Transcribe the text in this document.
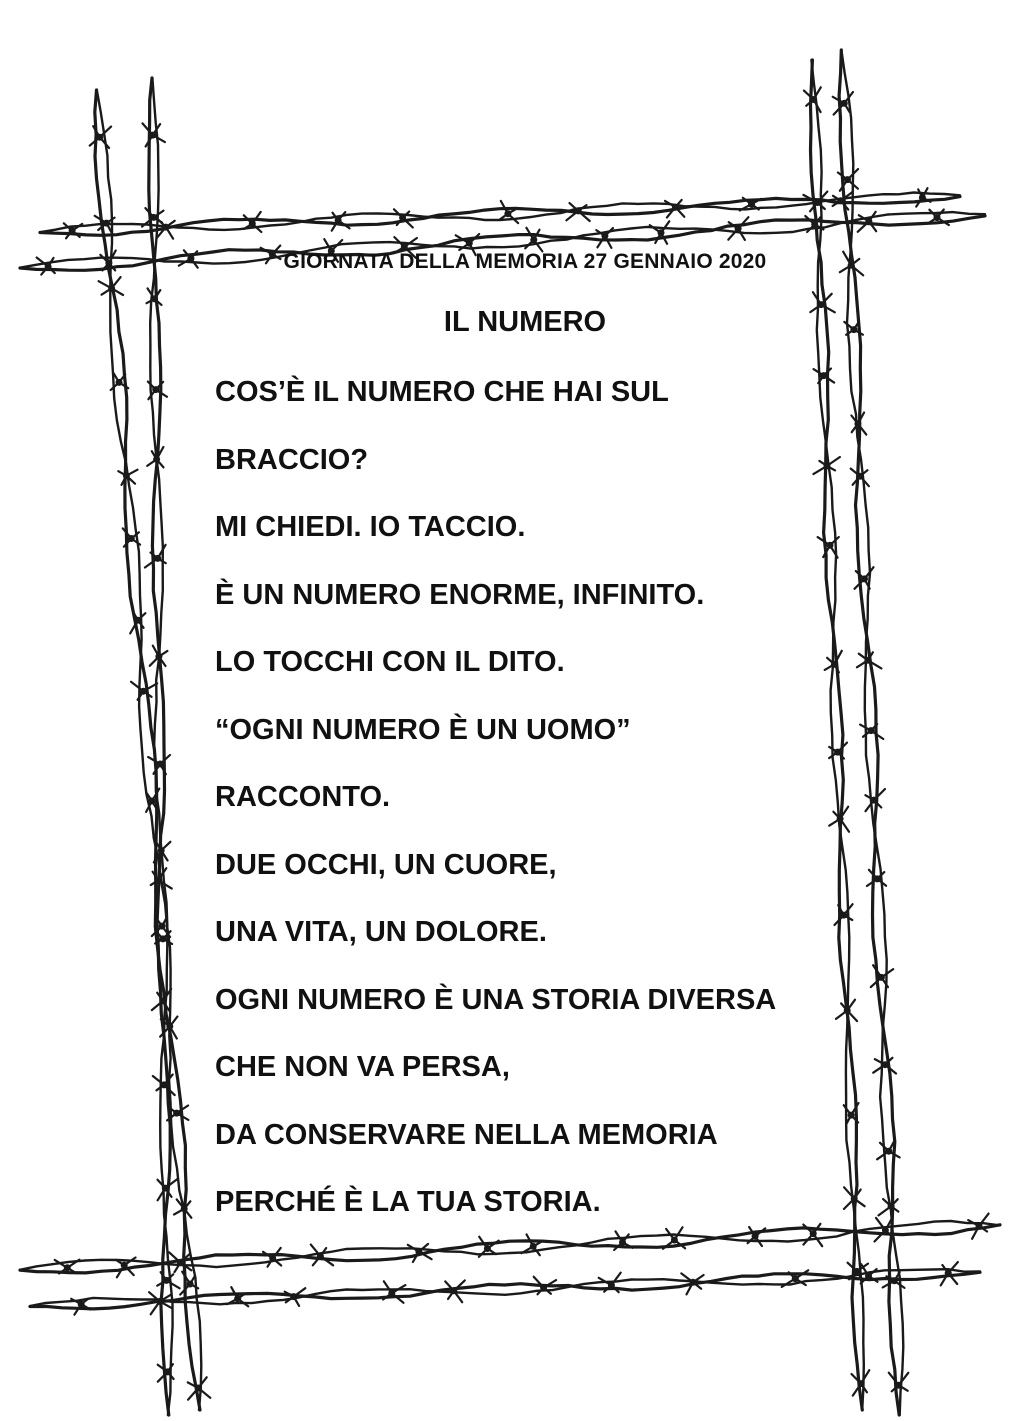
GIORNATA DELLA MEMORIA 27 GENNAIO 2020
IL NUMERO
COS’È IL NUMERO CHE HAI SUL
BRACCIO?
MI CHIEDI. IO TACCIO.
È UN NUMERO ENORME, INFINITO.
LO TOCCHI CON IL DITO.
“OGNI NUMERO È UN UOMO”
RACCONTO.
DUE OCCHI, UN CUORE,
UNA VITA, UN DOLORE.
OGNI NUMERO È UNA STORIA DIVERSA
CHE NON VA PERSA,
DA CONSERVARE NELLA MEMORIA
PERCHÉ È LA TUA STORIA.
